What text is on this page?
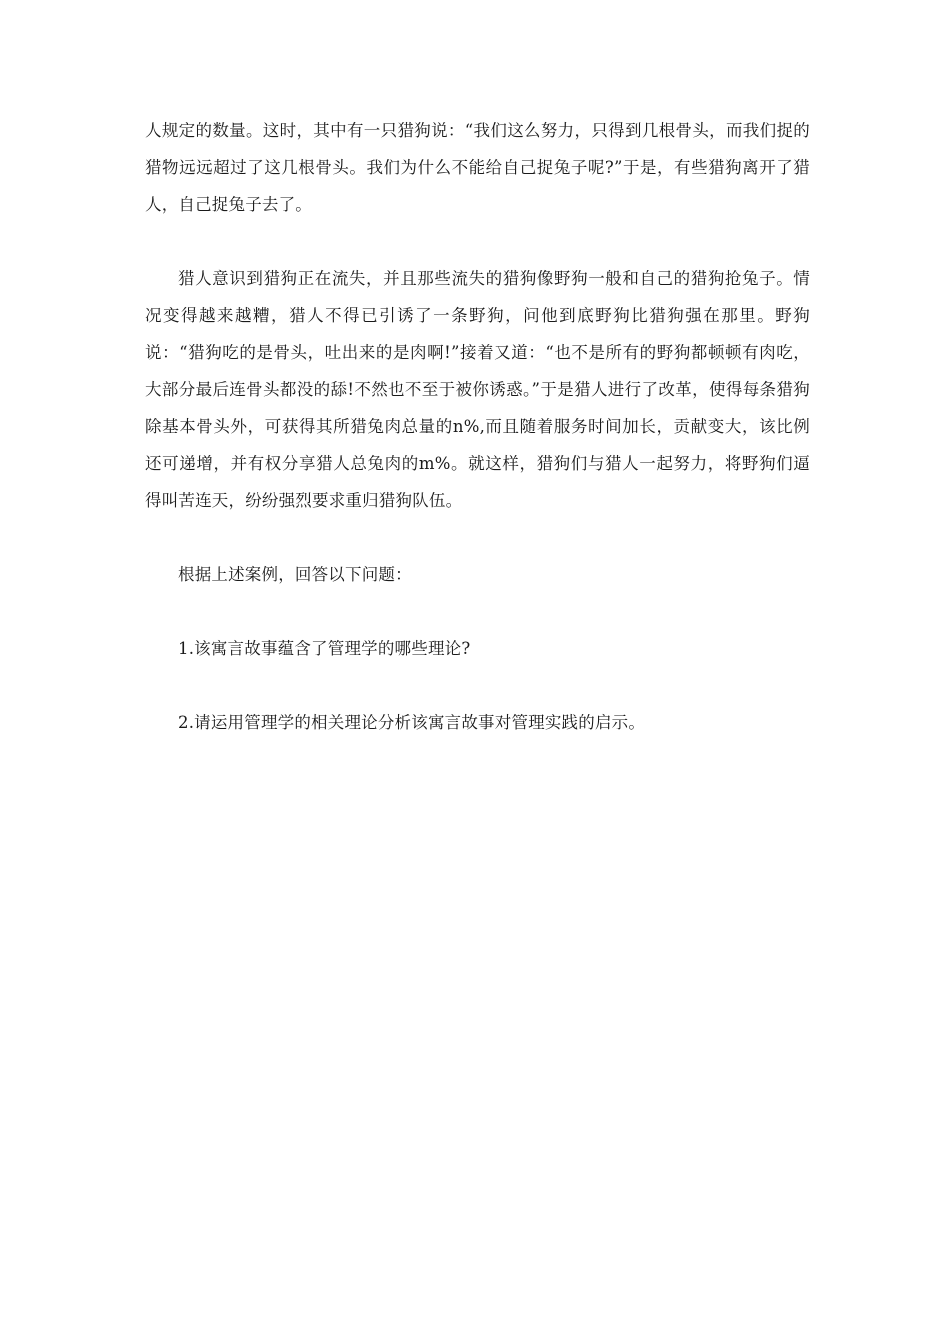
人规定的数量。这时，其中有一只猎狗说：“我们这么努力，只得到几根骨头，而我们捉的猎物远远超过了这几根骨头。我们为什么不能给自己捉兔子呢?”于是，有些猎狗离开了猎人，自己捉兔子去了。

猎人意识到猎狗正在流失，并且那些流失的猎狗像野狗一般和自己的猎狗抢兔子。情况变得越来越糟，猎人不得已引诱了一条野狗，问他到底野狗比猎狗强在那里。野狗说：“猎狗吃的是骨头，吐出来的是肉啊!”接着又道：“也不是所有的野狗都顿顿有肉吃，大部分最后连骨头都没的舔!不然也不至于被你诱惑。”于是猎人进行了改革，使得每条猎狗除基本骨头外，可获得其所猎兔肉总量的n%,而且随着服务时间加长，贡献变大，该比例还可递增，并有权分享猎人总兔肉的m%。就这样，猎狗们与猎人一起努力，将野狗们逼得叫苦连天，纷纷强烈要求重归猎狗队伍。

根据上述案例，回答以下问题：

1.该寓言故事蕴含了管理学的哪些理论?

2.请运用管理学的相关理论分析该寓言故事对管理实践的启示。
